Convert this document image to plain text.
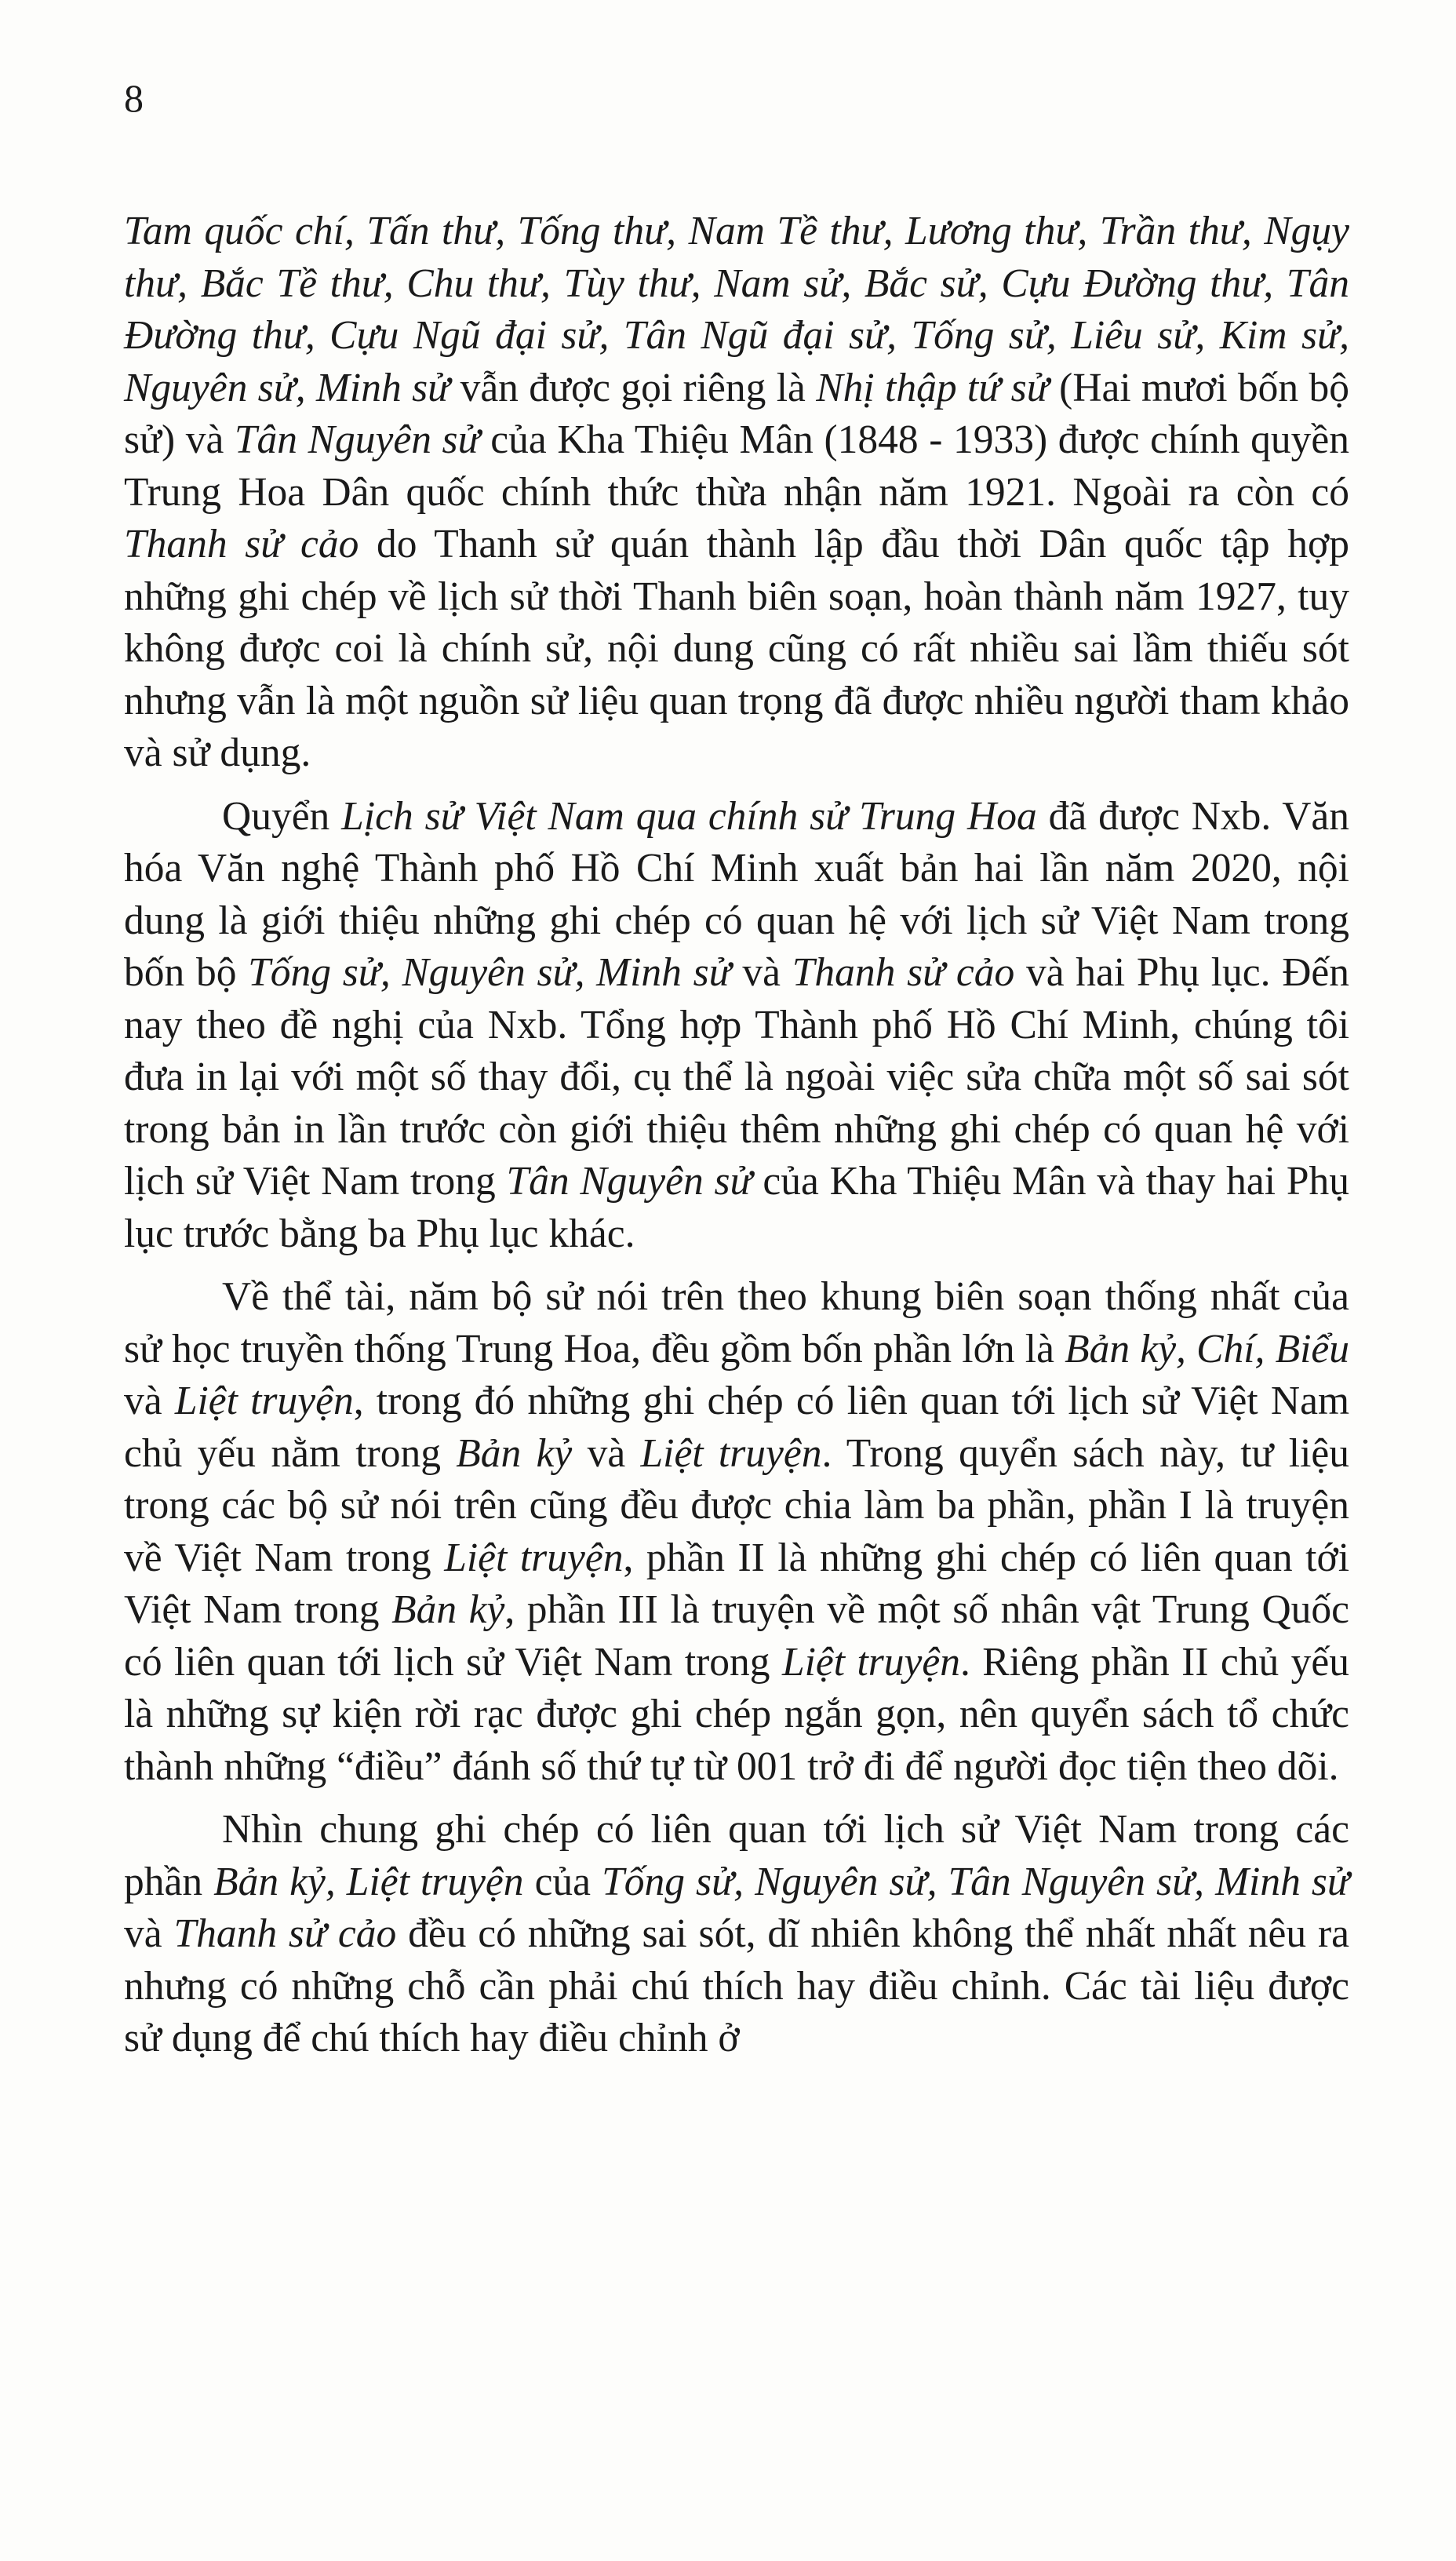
8

Tam quốc chí, Tấn thư, Tống thư, Nam Tề thư, Lương thư, Trần thư, Ngụy thư, Bắc Tề thư, Chu thư, Tùy thư, Nam sử, Bắc sử, Cựu Đường thư, Tân Đường thư, Cựu Ngũ đại sử, Tân Ngũ đại sử, Tống sử, Liêu sử, Kim sử, Nguyên sử, Minh sử vẫn được gọi riêng là Nhị thập tứ sử (Hai mươi bốn bộ sử) và Tân Nguyên sử của Kha Thiệu Mân (1848 - 1933) được chính quyền Trung Hoa Dân quốc chính thức thừa nhận năm 1921. Ngoài ra còn có Thanh sử cảo do Thanh sử quán thành lập đầu thời Dân quốc tập hợp những ghi chép về lịch sử thời Thanh biên soạn, hoàn thành năm 1927, tuy không được coi là chính sử, nội dung cũng có rất nhiều sai lầm thiếu sót nhưng vẫn là một nguồn sử liệu quan trọng đã được nhiều người tham khảo và sử dụng.

Quyển Lịch sử Việt Nam qua chính sử Trung Hoa đã được Nxb. Văn hóa Văn nghệ Thành phố Hồ Chí Minh xuất bản hai lần năm 2020, nội dung là giới thiệu những ghi chép có quan hệ với lịch sử Việt Nam trong bốn bộ Tống sử, Nguyên sử, Minh sử và Thanh sử cảo và hai Phụ lục. Đến nay theo đề nghị của Nxb. Tổng hợp Thành phố Hồ Chí Minh, chúng tôi đưa in lại với một số thay đổi, cụ thể là ngoài việc sửa chữa một số sai sót trong bản in lần trước còn giới thiệu thêm những ghi chép có quan hệ với lịch sử Việt Nam trong Tân Nguyên sử của Kha Thiệu Mân và thay hai Phụ lục trước bằng ba Phụ lục khác.

Về thể tài, năm bộ sử nói trên theo khung biên soạn thống nhất của sử học truyền thống Trung Hoa, đều gồm bốn phần lớn là Bản kỷ, Chí, Biểu và Liệt truyện, trong đó những ghi chép có liên quan tới lịch sử Việt Nam chủ yếu nằm trong Bản kỷ và Liệt truyện. Trong quyển sách này, tư liệu trong các bộ sử nói trên cũng đều được chia làm ba phần, phần I là truyện về Việt Nam trong Liệt truyện, phần II là những ghi chép có liên quan tới Việt Nam trong Bản kỷ, phần III là truyện về một số nhân vật Trung Quốc có liên quan tới lịch sử Việt Nam trong Liệt truyện. Riêng phần II chủ yếu là những sự kiện rời rạc được ghi chép ngắn gọn, nên quyển sách tổ chức thành những “điều” đánh số thứ tự từ 001 trở đi để người đọc tiện theo dõi.

Nhìn chung ghi chép có liên quan tới lịch sử Việt Nam trong các phần Bản kỷ, Liệt truyện của Tống sử, Nguyên sử, Tân Nguyên sử, Minh sử và Thanh sử cảo đều có những sai sót, dĩ nhiên không thể nhất nhất nêu ra nhưng có những chỗ cần phải chú thích hay điều chỉnh. Các tài liệu được sử dụng để chú thích hay điều chỉnh ở
